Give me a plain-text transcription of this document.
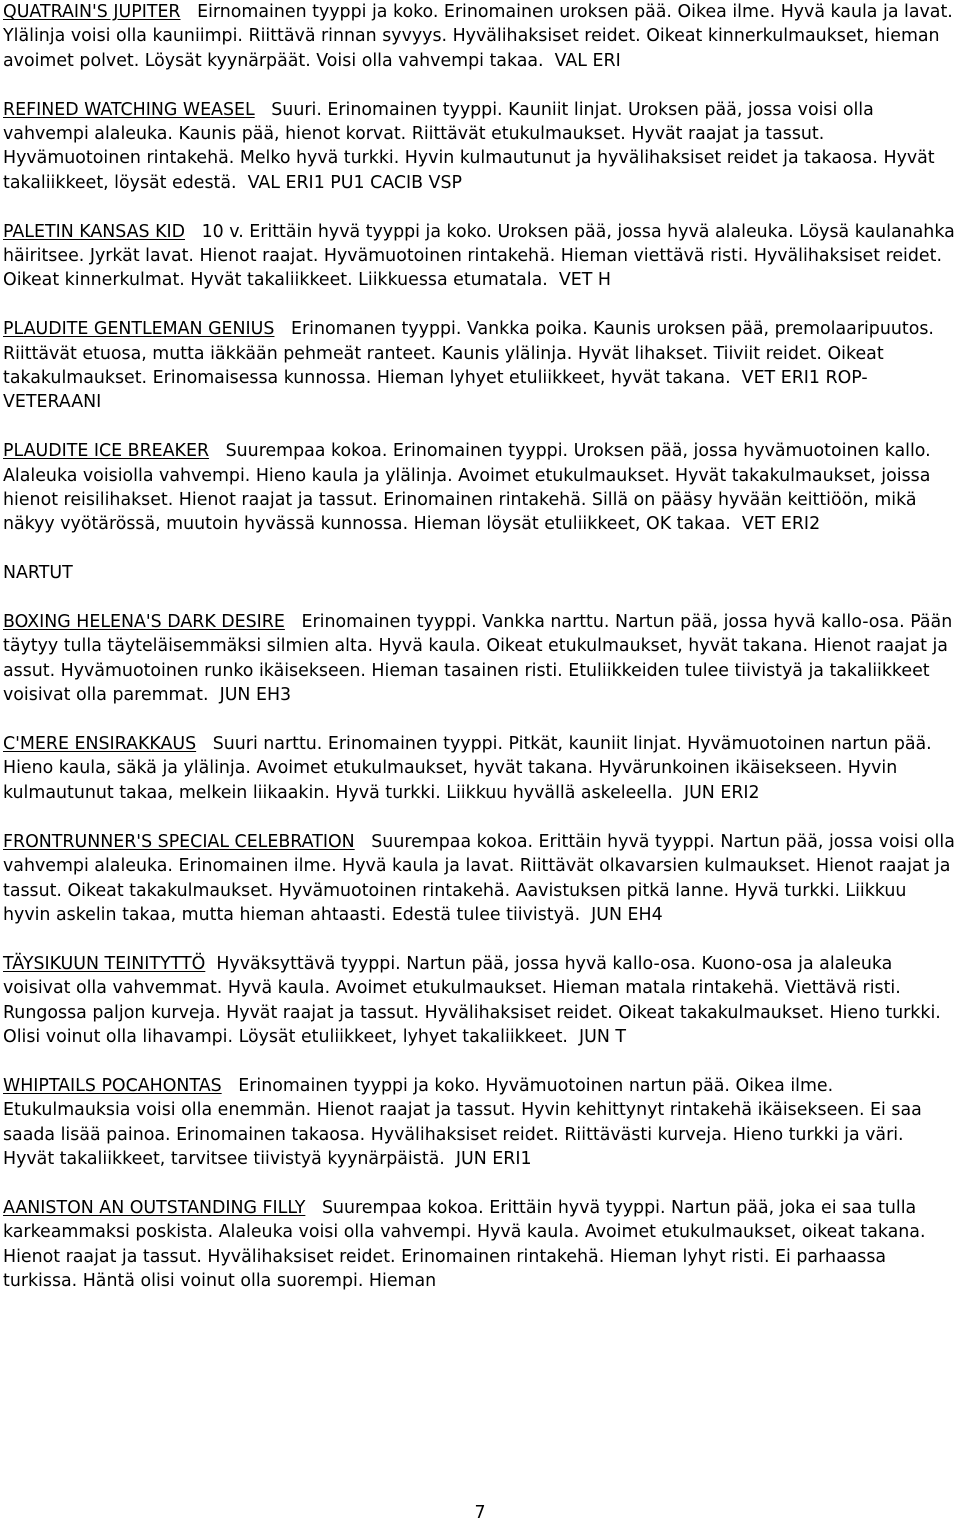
QUATRAIN'S JUPITER Eirnomainen tyyppi ja koko. Erinomainen uroksen pää. Oikea ilme. Hyvä kaula ja lavat. Ylälinja voisi olla kauniimpi. Riittävä rinnan syvyys. Hyvälihaksiset reidet. Oikeat kinnerkulmaukset, hieman avoimet polvet. Löysät kyynärpäät. Voisi olla vahvempi takaa. VAL ERI
REFINED WATCHING WEASEL Suuri. Erinomainen tyyppi. Kauniit linjat. Uroksen pää, jossa voisi olla vahvempi alaleuka. Kaunis pää, hienot korvat. Riittävät etukulmaukset. Hyvät raajat ja tassut. Hyvämuotoinen rintakehä. Melko hyvä turkki. Hyvin kulmautunut ja hyvälihaksiset reidet ja takaosa. Hyvät takaliikkeet, löysät edestä. VAL ERI1 PU1 CACIB VSP
PALETIN KANSAS KID 10 v. Erittäin hyvä tyyppi ja koko. Uroksen pää, jossa hyvä alaleuka. Löysä kaulanahka häiritsee. Jyrkät lavat. Hienot raajat. Hyvämuotoinen rintakehä. Hieman viettävä risti. Hyvälihaksiset reidet. Oikeat kinnerkulmat. Hyvät takaliikkeet. Liikkuessa etumatala. VET H
PLAUDITE GENTLEMAN GENIUS Erinomanen tyyppi. Vankka poika. Kaunis uroksen pää, premolaaripuutos. Riittävät etuosa, mutta iäkkään pehmeät ranteet. Kaunis ylälinja. Hyvät lihakset. Tiiviit reidet. Oikeat takakulmaukset. Erinomaisessa kunnossa. Hieman lyhyet etuliikkeet, hyvät takana. VET ERI1 ROP-VETERAANI
PLAUDITE ICE BREAKER Suurempaa kokoa. Erinomainen tyyppi. Uroksen pää, jossa hyvämuotoinen kallo. Alaleuka voisiolla vahvempi. Hieno kaula ja ylälinja. Avoimet etukulmaukset. Hyvät takakulmaukset, joissa hienot reisilihakset. Hienot raajat ja tassut. Erinomainen rintakehä. Sillä on pääsy hyvään keittiöön, mikä näkyy vyötärössä, muutoin hyvässä kunnossa. Hieman löysät etuliikkeet, OK takaa. VET ERI2
NARTUT
BOXING HELENA'S DARK DESIRE Erinomainen tyyppi. Vankka narttu. Nartun pää, jossa hyvä kallo-osa. Pään täytyy tulla täyteläisemmäksi silmien alta. Hyvä kaula. Oikeat etukulmaukset, hyvät takana. Hienot raajat ja assut. Hyvämuotoinen runko ikäisekseen. Hieman tasainen risti. Etuliikkeiden tulee tiivistyä ja takaliikkeet voisivat olla paremmat. JUN EH3
C'MERE ENSIRAKKAUS Suuri narttu. Erinomainen tyyppi. Pitkät, kauniit linjat. Hyvämuotoinen nartun pää. Hieno kaula, säkä ja ylälinja. Avoimet etukulmaukset, hyvät takana. Hyvärunkoinen ikäisekseen. Hyvin kulmautunut takaa, melkein liikaakin. Hyvä turkki. Liikkuu hyvällä askeleella. JUN ERI2
FRONTRUNNER'S SPECIAL CELEBRATION Suurempaa kokoa. Erittäin hyvä tyyppi. Nartun pää, jossa voisi olla vahvempi alaleuka. Erinomainen ilme. Hyvä kaula ja lavat. Riittävät olkavarsien kulmaukset. Hienot raajat ja tassut. Oikeat takakulmaukset. Hyvämuotoinen rintakehä. Aavistuksen pitkä lanne. Hyvä turkki. Liikkuu hyvin askelin takaa, mutta hieman ahtaasti. Edestä tulee tiivistyä. JUN EH4
TÄYSIKUUN TEINITYTTÖ Hyväksyttävä tyyppi. Nartun pää, jossa hyvä kallo-osa. Kuono-osa ja alaleuka voisivat olla vahvemmat. Hyvä kaula. Avoimet etukulmaukset. Hieman matala rintakehä. Viettävä risti. Rungossa paljon kurveja. Hyvät raajat ja tassut. Hyvälihaksiset reidet. Oikeat takakulmaukset. Hieno turkki. Olisi voinut olla lihavampi. Löysät etuliikkeet, lyhyet takaliikkeet. JUN T
WHIPTAILS POCAHONTAS Erinomainen tyyppi ja koko. Hyvämuotoinen nartun pää. Oikea ilme. Etukulmauksia voisi olla enemmän. Hienot raajat ja tassut. Hyvin kehittynyt rintakehä ikäisekseen. Ei saa saada lisää painoa. Erinomainen takaosa. Hyvälihaksiset reidet. Riittävästi kurveja. Hieno turkki ja väri. Hyvät takaliikkeet, tarvitsee tiivistyä kyynärpäistä. JUN ERI1
AANISTON AN OUTSTANDING FILLY Suurempaa kokoa. Erittäin hyvä tyyppi. Nartun pää, joka ei saa tulla karkeammaksi poskista. Alaleuka voisi olla vahvempi. Hyvä kaula. Avoimet etukulmaukset, oikeat takana. Hienot raajat ja tassut. Hyvälihaksiset reidet. Erinomainen rintakehä. Hieman lyhyt risti. Ei parhaassa turkissa. Häntä olisi voinut olla suorempi. Hieman
7
